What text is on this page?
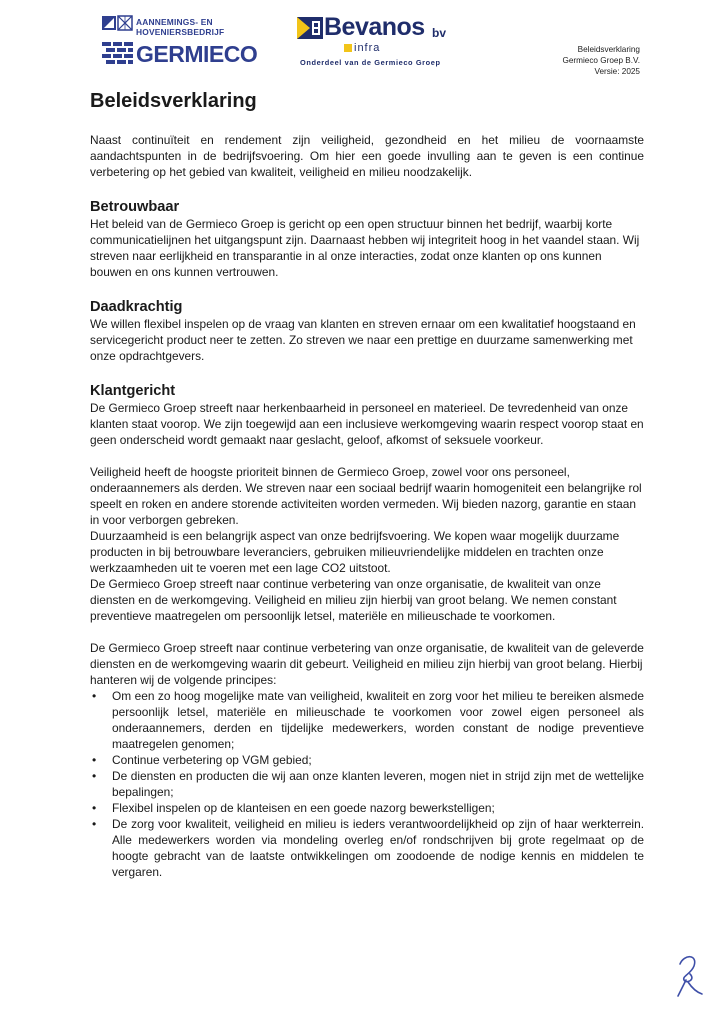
AANNEMINGS- EN
HOVENIERSBEDRIJF
GERMIECO
Bevanos bv
infra
Onderdeel van de Germieco Groep
Beleidsverklaring
Germieco Groep B.V.
Versie: 2025
Beleidsverklaring

Naast continuïteit en rendement zijn veiligheid, gezondheid en het milieu de voornaamste aandachtspunten in de bedrijfsvoering. Om hier een goede invulling aan te geven is een continue verbetering op het gebied van kwaliteit, veiligheid en milieu noodzakelijk.

Betrouwbaar

Het beleid van de Germieco Groep is gericht op een open structuur binnen het bedrijf, waarbij korte communicatielijnen het uitgangspunt zijn. Daarnaast hebben wij integriteit hoog in het vaandel staan. Wij streven naar eerlijkheid en transparantie in al onze interacties, zodat onze klanten op ons kunnen bouwen en ons kunnen vertrouwen.

Daadkrachtig

We willen flexibel inspelen op de vraag van klanten en streven ernaar om een kwalitatief hoogstaand en servicegericht product neer te zetten. Zo streven we naar een prettige en duurzame samenwerking met onze opdrachtgevers.

Klantgericht

De Germieco Groep streeft naar herkenbaarheid in personeel en materieel. De tevredenheid van onze klanten staat voorop. We zijn toegewijd aan een inclusieve werkomgeving waarin respect voorop staat en geen onderscheid wordt gemaakt naar geslacht, geloof, afkomst of seksuele voorkeur.

Veiligheid heeft de hoogste prioriteit binnen de Germieco Groep, zowel voor ons personeel, onderaannemers als derden. We streven naar een sociaal bedrijf waarin homogeniteit een belangrijke rol speelt en roken en andere storende activiteiten worden vermeden. Wij bieden nazorg, garantie en staan in voor verborgen gebreken.

Duurzaamheid is een belangrijk aspect van onze bedrijfsvoering. We kopen waar mogelijk duurzame producten in bij betrouwbare leveranciers, gebruiken milieuvriendelijke middelen en trachten onze werkzaamheden uit te voeren met een lage CO2 uitstoot.

De Germieco Groep streeft naar continue verbetering van onze organisatie, de kwaliteit van onze diensten en de werkomgeving. Veiligheid en milieu zijn hierbij van groot belang. We nemen constant preventieve maatregelen om persoonlijk letsel, materiële en milieuschade te voorkomen.

De Germieco Groep streeft naar continue verbetering van onze organisatie, de kwaliteit van de geleverde diensten en de werkomgeving waarin dit gebeurt. Veiligheid en milieu zijn hierbij van groot belang. Hierbij hanteren wij de volgende principes:

• Om een zo hoog mogelijke mate van veiligheid, kwaliteit en zorg voor het milieu te bereiken alsmede persoonlijk letsel, materiële en milieuschade te voorkomen voor zowel eigen personeel als onderaannemers, derden en tijdelijke medewerkers, worden constant de nodige preventieve maatregelen genomen;
• Continue verbetering op VGM gebied;
• De diensten en producten die wij aan onze klanten leveren, mogen niet in strijd zijn met de wettelijke bepalingen;
• Flexibel inspelen op de klanteisen en een goede nazorg bewerkstelligen;
• De zorg voor kwaliteit, veiligheid en milieu is ieders verantwoordelijkheid op zijn of haar werkterrein. Alle medewerkers worden via mondeling overleg en/of rondschrijven bij grote regelmaat op de hoogte gebracht van de laatste ontwikkelingen om zoodoende de nodige kennis en middelen te vergaren.
